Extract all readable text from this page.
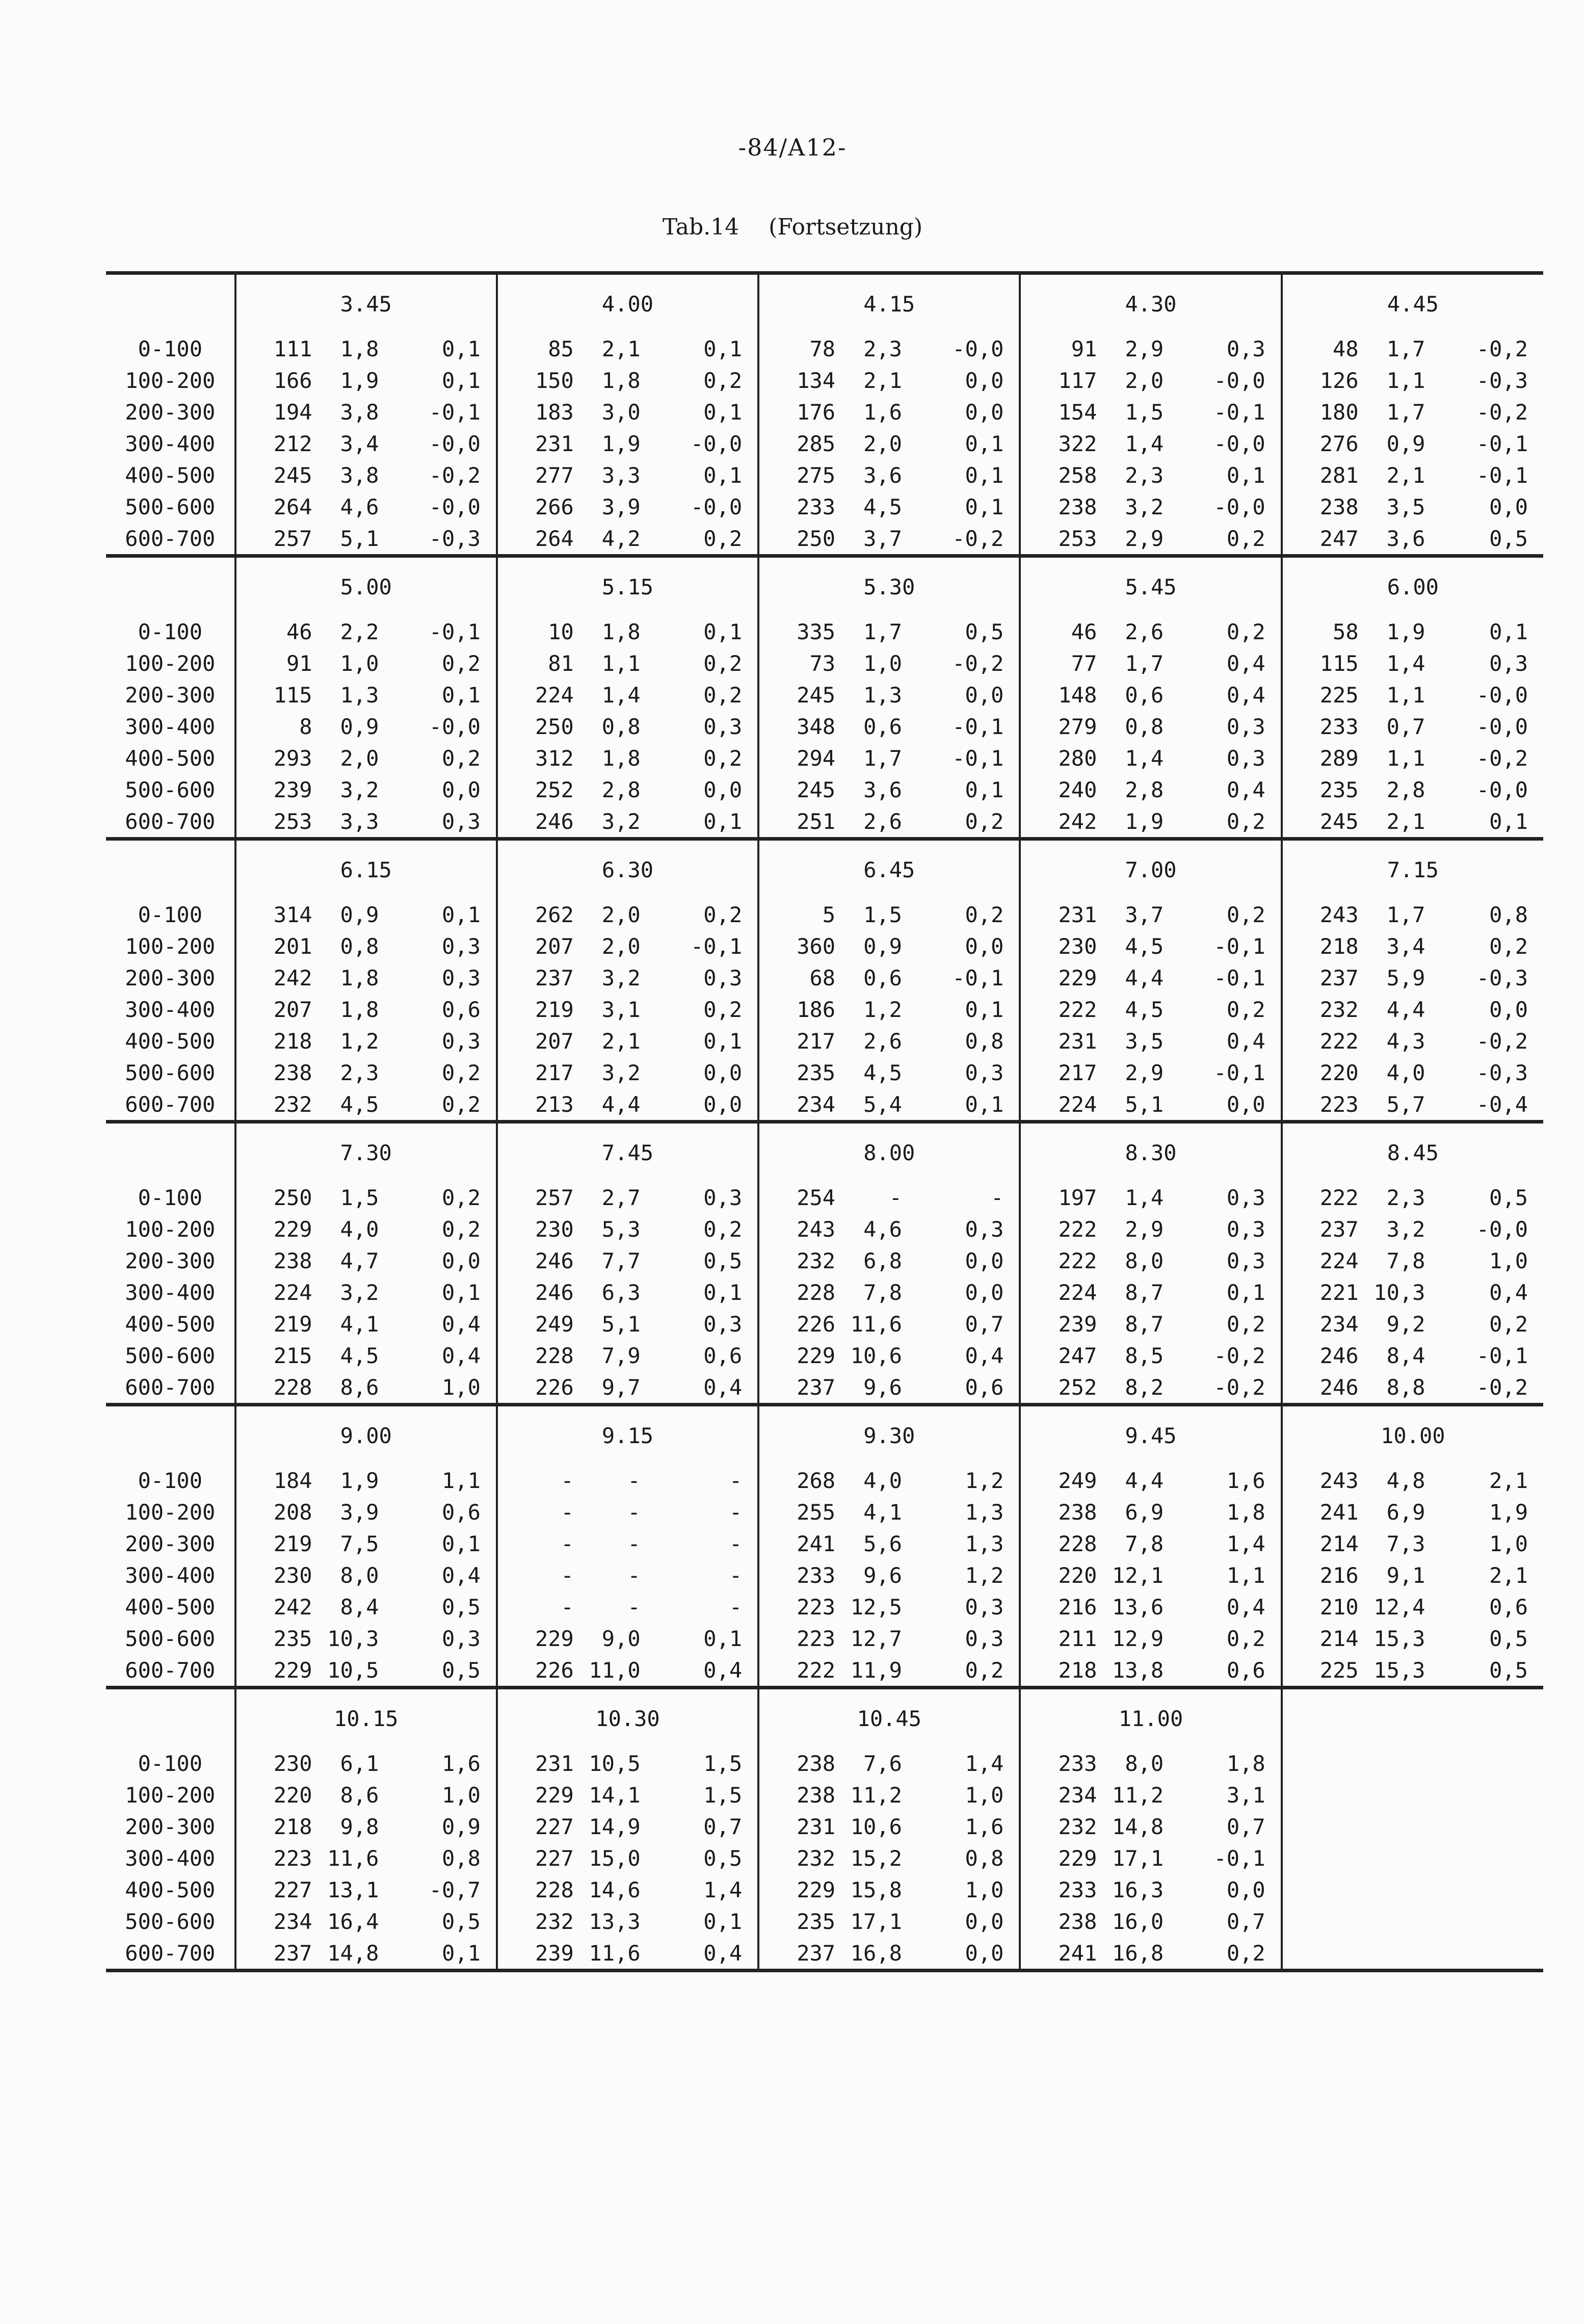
-84/A12-
Tab.14 (Fortsetzung)
	3.45			4.00			4.15			4.30			4.45		
0-100	111	1,8	0,1	85	2,1	0,1	78	2,3	-0,0	91	2,9	0,3	48	1,7	-0,2
100-200	166	1,9	0,1	150	1,8	0,2	134	2,1	0,0	117	2,0	-0,0	126	1,1	-0,3
200-300	194	3,8	-0,1	183	3,0	0,1	176	1,6	0,0	154	1,5	-0,1	180	1,7	-0,2
300-400	212	3,4	-0,0	231	1,9	-0,0	285	2,0	0,1	322	1,4	-0,0	276	0,9	-0,1
400-500	245	3,8	-0,2	277	3,3	0,1	275	3,6	0,1	258	2,3	0,1	281	2,1	-0,1
500-600	264	4,6	-0,0	266	3,9	-0,0	233	4,5	0,1	238	3,2	-0,0	238	3,5	0,0
600-700	257	5,1	-0,3	264	4,2	0,2	250	3,7	-0,2	253	2,9	0,2	247	3,6	0,5
	5.00			5.15			5.30			5.45			6.00		
0-100	46	2,2	-0,1	10	1,8	0,1	335	1,7	0,5	46	2,6	0,2	58	1,9	0,1
100-200	91	1,0	0,2	81	1,1	0,2	73	1,0	-0,2	77	1,7	0,4	115	1,4	0,3
200-300	115	1,3	0,1	224	1,4	0,2	245	1,3	0,0	148	0,6	0,4	225	1,1	-0,0
300-400	8	0,9	-0,0	250	0,8	0,3	348	0,6	-0,1	279	0,8	0,3	233	0,7	-0,0
400-500	293	2,0	0,2	312	1,8	0,2	294	1,7	-0,1	280	1,4	0,3	289	1,1	-0,2
500-600	239	3,2	0,0	252	2,8	0,0	245	3,6	0,1	240	2,8	0,4	235	2,8	-0,0
600-700	253	3,3	0,3	246	3,2	0,1	251	2,6	0,2	242	1,9	0,2	245	2,1	0,1
	6.15			6.30			6.45			7.00			7.15		
0-100	314	0,9	0,1	262	2,0	0,2	5	1,5	0,2	231	3,7	0,2	243	1,7	0,8
100-200	201	0,8	0,3	207	2,0	-0,1	360	0,9	0,0	230	4,5	-0,1	218	3,4	0,2
200-300	242	1,8	0,3	237	3,2	0,3	68	0,6	-0,1	229	4,4	-0,1	237	5,9	-0,3
300-400	207	1,8	0,6	219	3,1	0,2	186	1,2	0,1	222	4,5	0,2	232	4,4	0,0
400-500	218	1,2	0,3	207	2,1	0,1	217	2,6	0,8	231	3,5	0,4	222	4,3	-0,2
500-600	238	2,3	0,2	217	3,2	0,0	235	4,5	0,3	217	2,9	-0,1	220	4,0	-0,3
600-700	232	4,5	0,2	213	4,4	0,0	234	5,4	0,1	224	5,1	0,0	223	5,7	-0,4
	7.30			7.45			8.00			8.30			8.45		
0-100	250	1,5	0,2	257	2,7	0,3	254	-	-	197	1,4	0,3	222	2,3	0,5
100-200	229	4,0	0,2	230	5,3	0,2	243	4,6	0,3	222	2,9	0,3	237	3,2	-0,0
200-300	238	4,7	0,0	246	7,7	0,5	232	6,8	0,0	222	8,0	0,3	224	7,8	1,0
300-400	224	3,2	0,1	246	6,3	0,1	228	7,8	0,0	224	8,7	0,1	221	10,3	0,4
400-500	219	4,1	0,4	249	5,1	0,3	226	11,6	0,7	239	8,7	0,2	234	9,2	0,2
500-600	215	4,5	0,4	228	7,9	0,6	229	10,6	0,4	247	8,5	-0,2	246	8,4	-0,1
600-700	228	8,6	1,0	226	9,7	0,4	237	9,6	0,6	252	8,2	-0,2	246	8,8	-0,2
	9.00			9.15			9.30			9.45			10.00		
0-100	184	1,9	1,1	-	-	-	268	4,0	1,2	249	4,4	1,6	243	4,8	2,1
100-200	208	3,9	0,6	-	-	-	255	4,1	1,3	238	6,9	1,8	241	6,9	1,9
200-300	219	7,5	0,1	-	-	-	241	5,6	1,3	228	7,8	1,4	214	7,3	1,0
300-400	230	8,0	0,4	-	-	-	233	9,6	1,2	220	12,1	1,1	216	9,1	2,1
400-500	242	8,4	0,5	-	-	-	223	12,5	0,3	216	13,6	0,4	210	12,4	0,6
500-600	235	10,3	0,3	229	9,0	0,1	223	12,7	0,3	211	12,9	0,2	214	15,3	0,5
600-700	229	10,5	0,5	226	11,0	0,4	222	11,9	0,2	218	13,8	0,6	225	15,3	0,5
	10.15			10.30			10.45			11.00					
0-100	230	6,1	1,6	231	10,5	1,5	238	7,6	1,4	233	8,0	1,8			
100-200	220	8,6	1,0	229	14,1	1,5	238	11,2	1,0	234	11,2	3,1			
200-300	218	9,8	0,9	227	14,9	0,7	231	10,6	1,6	232	14,8	0,7			
300-400	223	11,6	0,8	227	15,0	0,5	232	15,2	0,8	229	17,1	-0,1			
400-500	227	13,1	-0,7	228	14,6	1,4	229	15,8	1,0	233	16,3	0,0			
500-600	234	16,4	0,5	232	13,3	0,1	235	17,1	0,0	238	16,0	0,7			
600-700	237	14,8	0,1	239	11,6	0,4	237	16,8	0,0	241	16,8	0,2			
